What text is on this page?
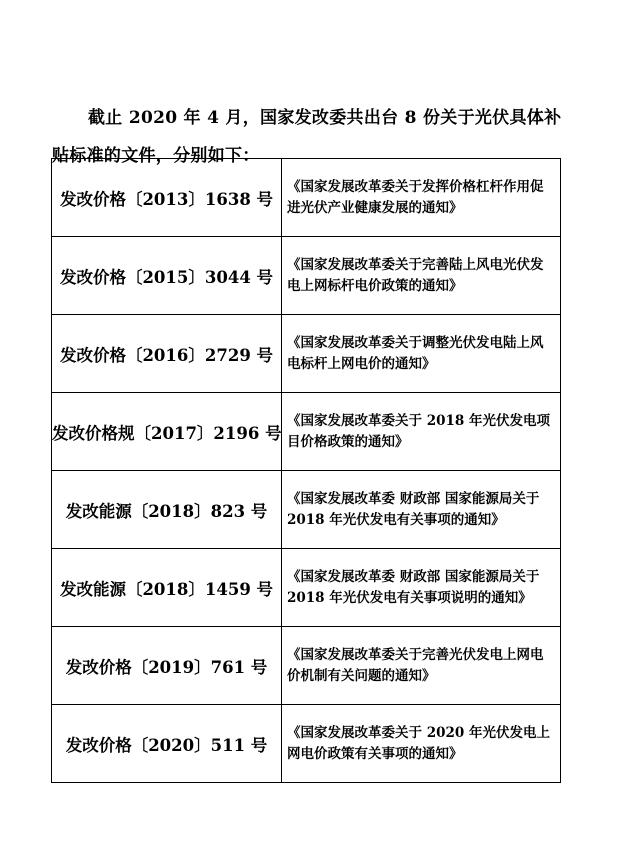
截止 2020 年 4 月，国家发改委共出台 8 份关于光伏具体补贴标准的文件，分别如下：

发改价格〔2013〕1638 号	《国家发展改革委关于发挥价格杠杆作用促进光伏产业健康发展的通知》
发改价格〔2015〕3044 号	《国家发展改革委关于完善陆上风电光伏发电上网标杆电价政策的通知》
发改价格〔2016〕2729 号	《国家发展改革委关于调整光伏发电陆上风电标杆上网电价的通知》
发改价格规〔2017〕2196 号	《国家发展改革委关于 2018 年光伏发电项目价格政策的通知》
发改能源〔2018〕823 号	《国家发展改革委 财政部 国家能源局关于 2018 年光伏发电有关事项的通知》
发改能源〔2018〕1459 号	《国家发展改革委 财政部 国家能源局关于 2018 年光伏发电有关事项说明的通知》
发改价格〔2019〕761 号	《国家发展改革委关于完善光伏发电上网电价机制有关问题的通知》
发改价格〔2020〕511 号	《国家发展改革委关于 2020 年光伏发电上网电价政策有关事项的通知》
